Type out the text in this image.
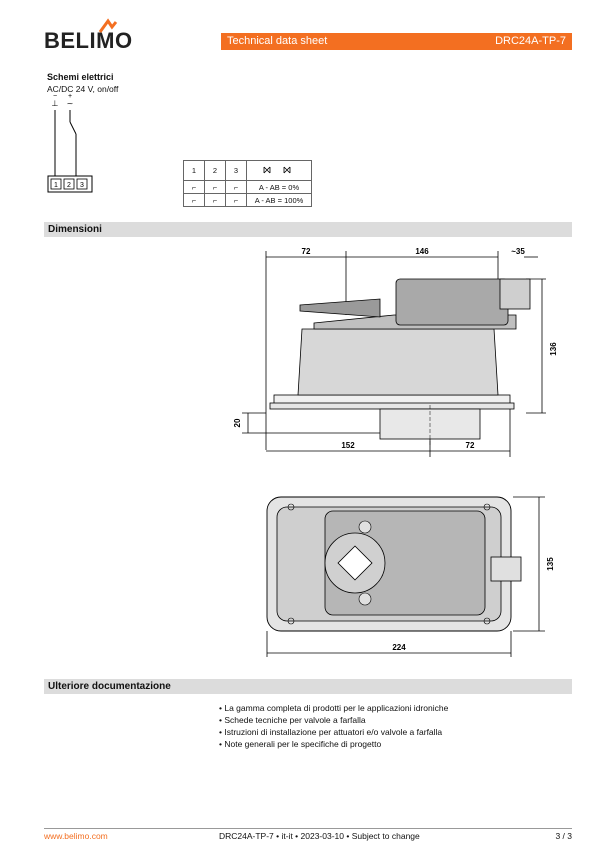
BELIMO	Technical data sheet	DRC24A-TP-7
Schemi elettrici
AC/DC 24 V, on/off
− +
⊥ ~
1 2 3
1	2	3	
⌐	⌐	⌐	A - AB = 0%
⌐	⌐	⌐	A - AB = 100%
Dimensioni
72	146	~35
136
20
152	72
135
224
Ulteriore documentazione
• La gamma completa di prodotti per le applicazioni idroniche
• Schede tecniche per valvole a farfalla
• Istruzioni di installazione per attuatori e/o valvole a farfalla
• Note generali per le specifiche di progetto
www.belimo.com	DRC24A-TP-7 • it-it • 2023-03-10 • Subject to change	3 / 3
